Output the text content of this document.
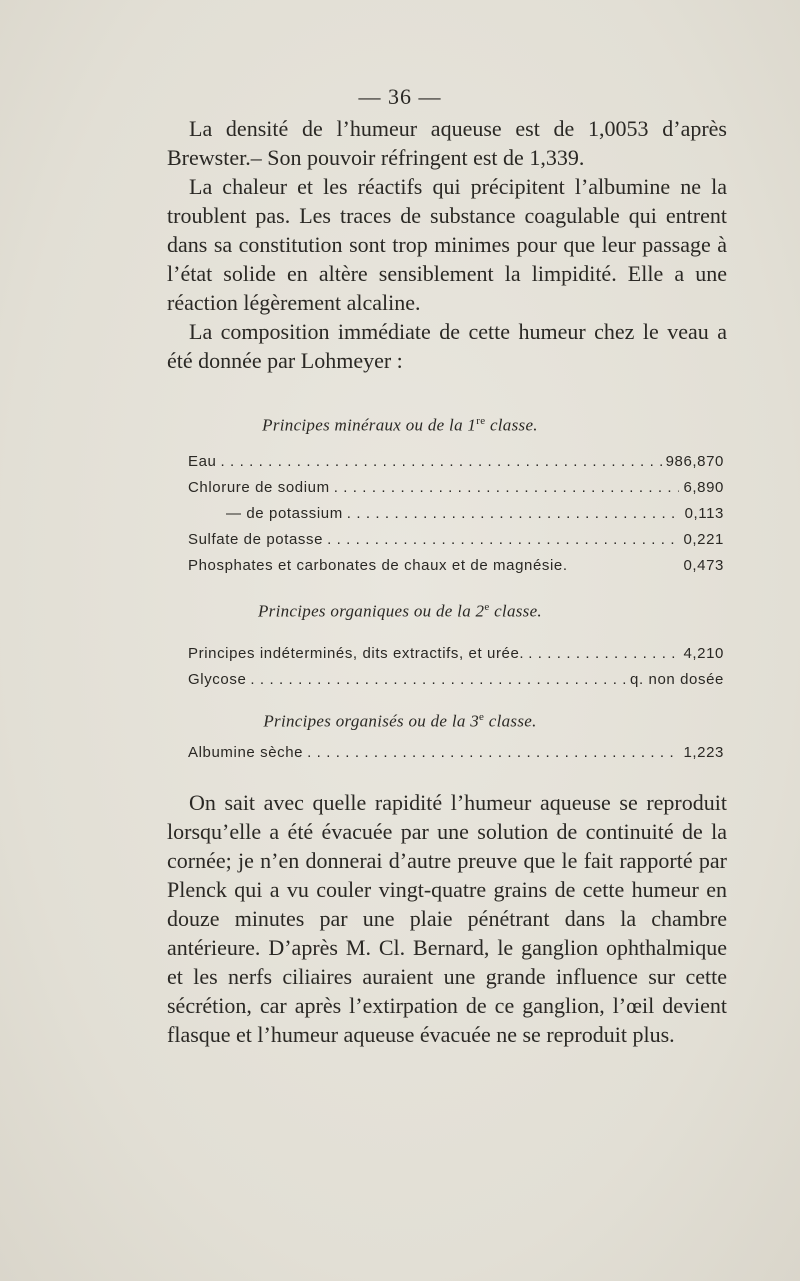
— 36 —

La densité de l’humeur aqueuse est de 1,0053 d’après Brewster.– Son pouvoir réfringent est de 1,339.

La chaleur et les réactifs qui précipitent l’albumine ne la troublent pas. Les traces de substance coagulable qui entrent dans sa constitution sont trop minimes pour que leur passage à l’état solide en altère sensiblement la limpidité. Elle a une réaction légèrement alcaline.

La composition immédiate de cette humeur chez le veau a été donnée par Lohmeyer :

Principes minéraux ou de la 1re classe.
Eau . . .	986,870
Chlorure de sodium . . .	6,890
— de potassium . . .	0,113
Sulfate de potasse . . .	0,221
Phosphates et carbonates de chaux et de magnésie.	0,473
Principes organiques ou de la 2e classe.
Principes indéterminés, dits extractifs, et urée. . . .	4,210
Glycose . . .	q. non dosée
Principes organisés ou de la 3e classe.
Albumine sèche . . .	1,223

On sait avec quelle rapidité l’humeur aqueuse se reproduit lorsqu’elle a été évacuée par une solution de continuité de la cornée; je n’en donnerai d’autre preuve que le fait rapporté par Plenck qui a vu couler vingt-quatre grains de cette humeur en douze minutes par une plaie pénétrant dans la chambre antérieure. D’après M. Cl. Bernard, le ganglion ophthalmique et les nerfs ciliaires auraient une grande influence sur cette sécrétion, car après l’extirpation de ce ganglion, l’œil devient flasque et l’humeur aqueuse évacuée ne se reproduit plus.
